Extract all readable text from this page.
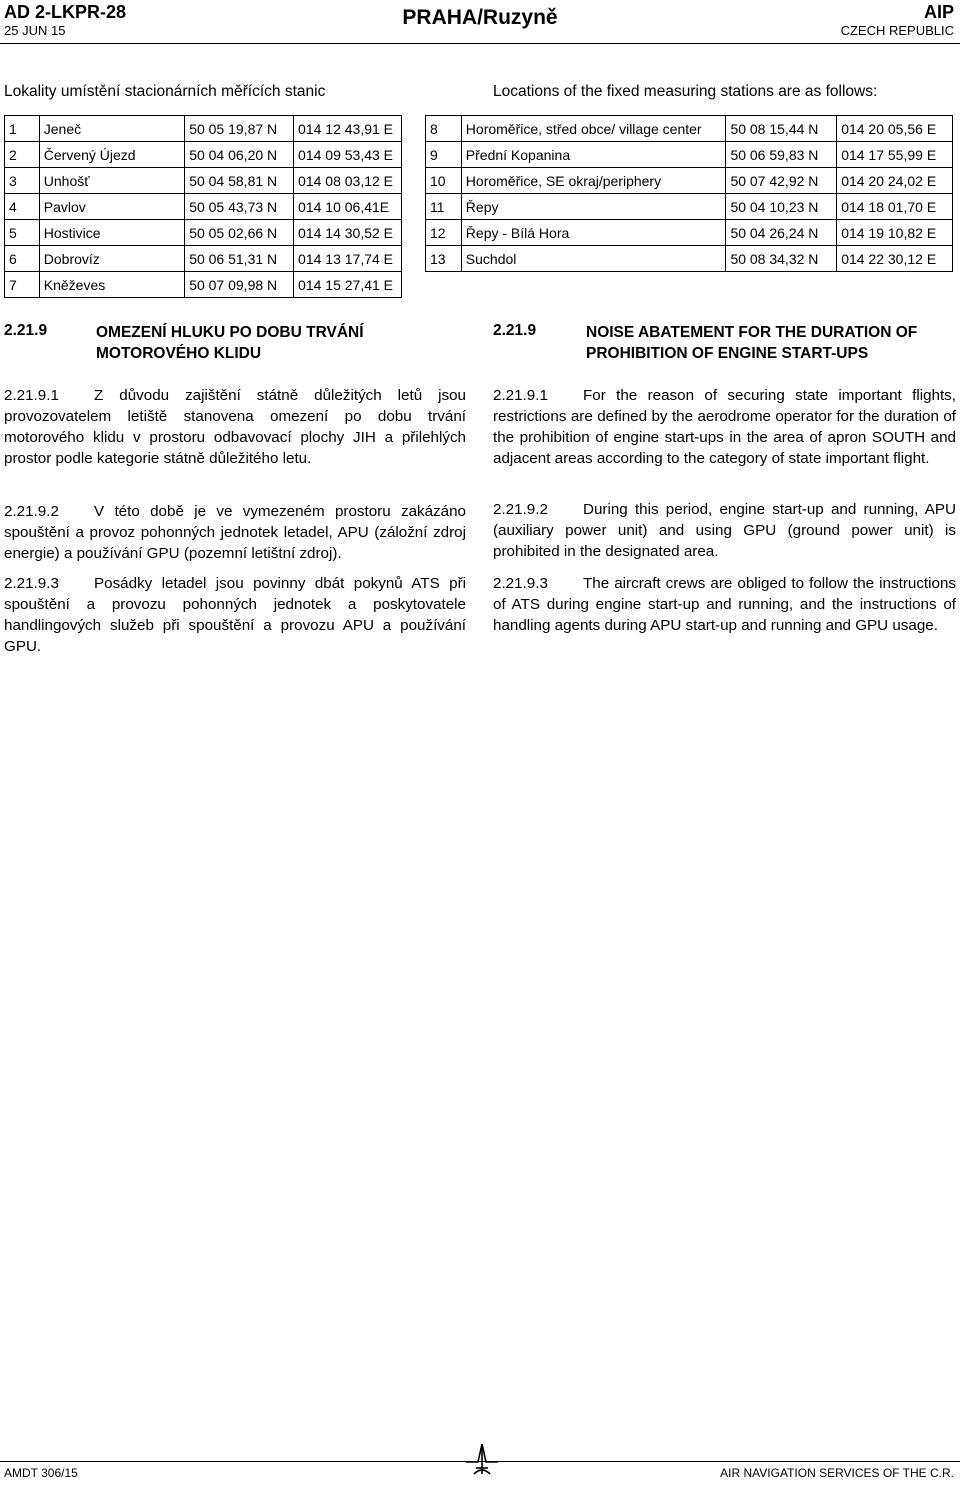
AD 2-LKPR-28
25 JUN 15
PRAHA/Ruzyně	AIP
CZECH REPUBLIC
Lokality umístění stacionárních měřících stanic	Locations of the fixed measuring stations are as follows:
1	Jeneč	50 05 19,87 N	014 12 43,91 E
2	Červený Újezd	50 04 06,20 N	014 09 53,43 E
3	Unhošť	50 04 58,81 N	014 08 03,12 E
4	Pavlov	50 05 43,73 N	014 10 06,41E
5	Hostivice	50 05 02,66 N	014 14 30,52 E
6	Dobrovíz	50 06 51,31 N	014 13 17,74 E
7	Kněževes	50 07 09,98 N	014 15 27,41 E
8	Horoměřice, střed obce/ village center	50 08 15,44 N	014 20 05,56 E
9	Přední Kopanina	50 06 59,83 N	014 17 55,99 E
10	Horoměřice, SE okraj/periphery	50 07 42,92 N	014 20 24,02 E
11	Řepy	50 04 10,23 N	014 18 01,70 E
12	Řepy - Bílá Hora	50 04 26,24 N	014 19 10,82 E
13	Suchdol	50 08 34,32 N	014 22 30,12 E
2.21.9	OMEZENÍ HLUKU PO DOBU TRVÁNÍ
MOTOROVÉHO KLIDU
2.21.9.1 Z důvodu zajištění státně důležitých letů jsou provozovatelem letiště stanovena omezení po dobu trvání motorového klidu v prostoru odbavovací plochy JIH a přilehlých prostor podle kategorie státně důležitého letu.
2.21.9.2 V této době je ve vymezeném prostoru zakázáno spouštění a provoz pohonných jednotek letadel, APU (záložní zdroj energie) a používání GPU (pozemní letištní zdroj).
2.21.9.3 Posádky letadel jsou povinny dbát pokynů ATS při spouštění a provozu pohonných jednotek a poskytovatele handlingových služeb při spouštění a provozu APU a používání GPU.
2.21.9	NOISE ABATEMENT FOR THE DURATION OF
PROHIBITION OF ENGINE START-UPS
2.21.9.1 For the reason of securing state important flights, restrictions are defined by the aerodrome operator for the duration of the prohibition of engine start-ups in the area of apron SOUTH and adjacent areas according to the category of state important flight.
2.21.9.2 During this period, engine start-up and running, APU (auxiliary power unit) and using GPU (ground power unit) is prohibited in the designated area.
2.21.9.3 The aircraft crews are obliged to follow the instructions of ATS during engine start-up and running, and the instructions of handling agents during APU start-up and running and GPU usage.
AMDT 306/15	AIR NAVIGATION SERVICES OF THE C.R.
